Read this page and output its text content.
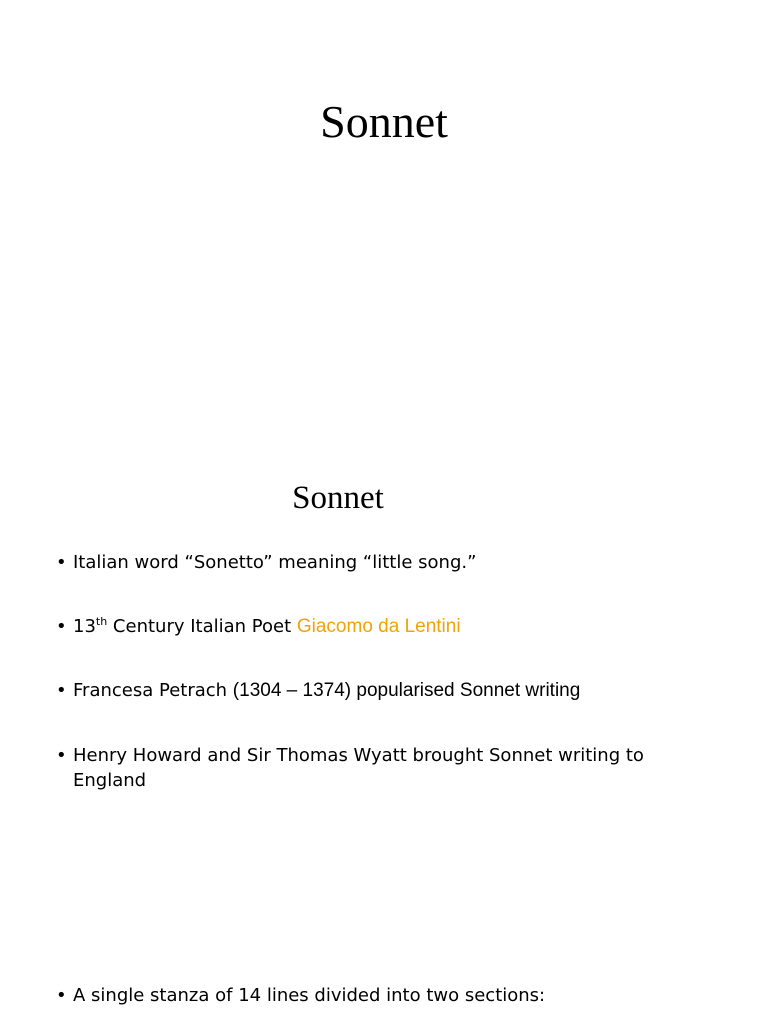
Sonnet
Sonnet

• Italian word “Sonetto” meaning “little song.”

• 13th Century Italian Poet Giacomo da Lentini

• Francesa Petrach (1304 – 1374) popularised Sonnet writing

• Henry Howard and Sir Thomas Wyatt brought Sonnet writing to
England

• A single stanza of 14 lines divided into two sections:
